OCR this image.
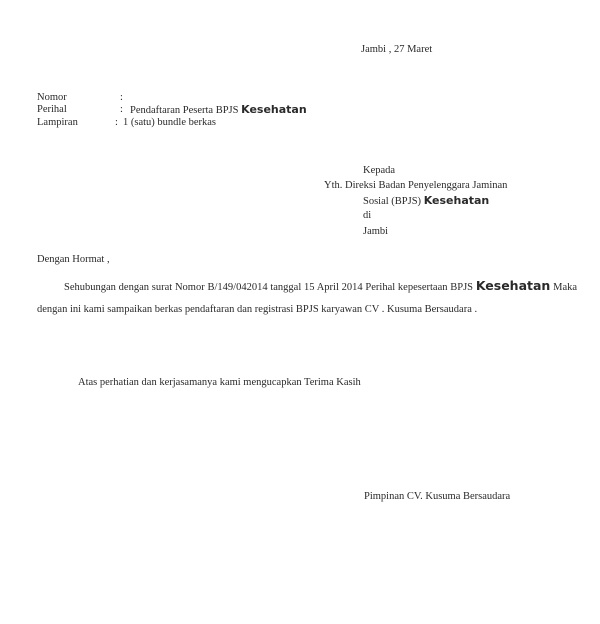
Jambi , 27 Maret
Nomor	:
Perihal	: Pendaftaran Peserta BPJS Kesehatan
Lampiran	: 1 (satu) bundle berkas
Kepada
Yth. Direksi Badan Penyelenggara Jaminan
Sosial (BPJS) Kesehatan
di
Jambi
Dengan Hormat ,
Sehubungan dengan surat Nomor B/149/042014 tanggal 15 April 2014 Perihal kepesertaan BPJS Kesehatan Maka dengan ini kami sampaikan berkas pendaftaran dan registrasi BPJS karyawan CV . Kusuma Bersaudara .
Atas perhatian dan kerjasamanya kami mengucapkan Terima Kasih
Pimpinan CV. Kusuma Bersaudara
